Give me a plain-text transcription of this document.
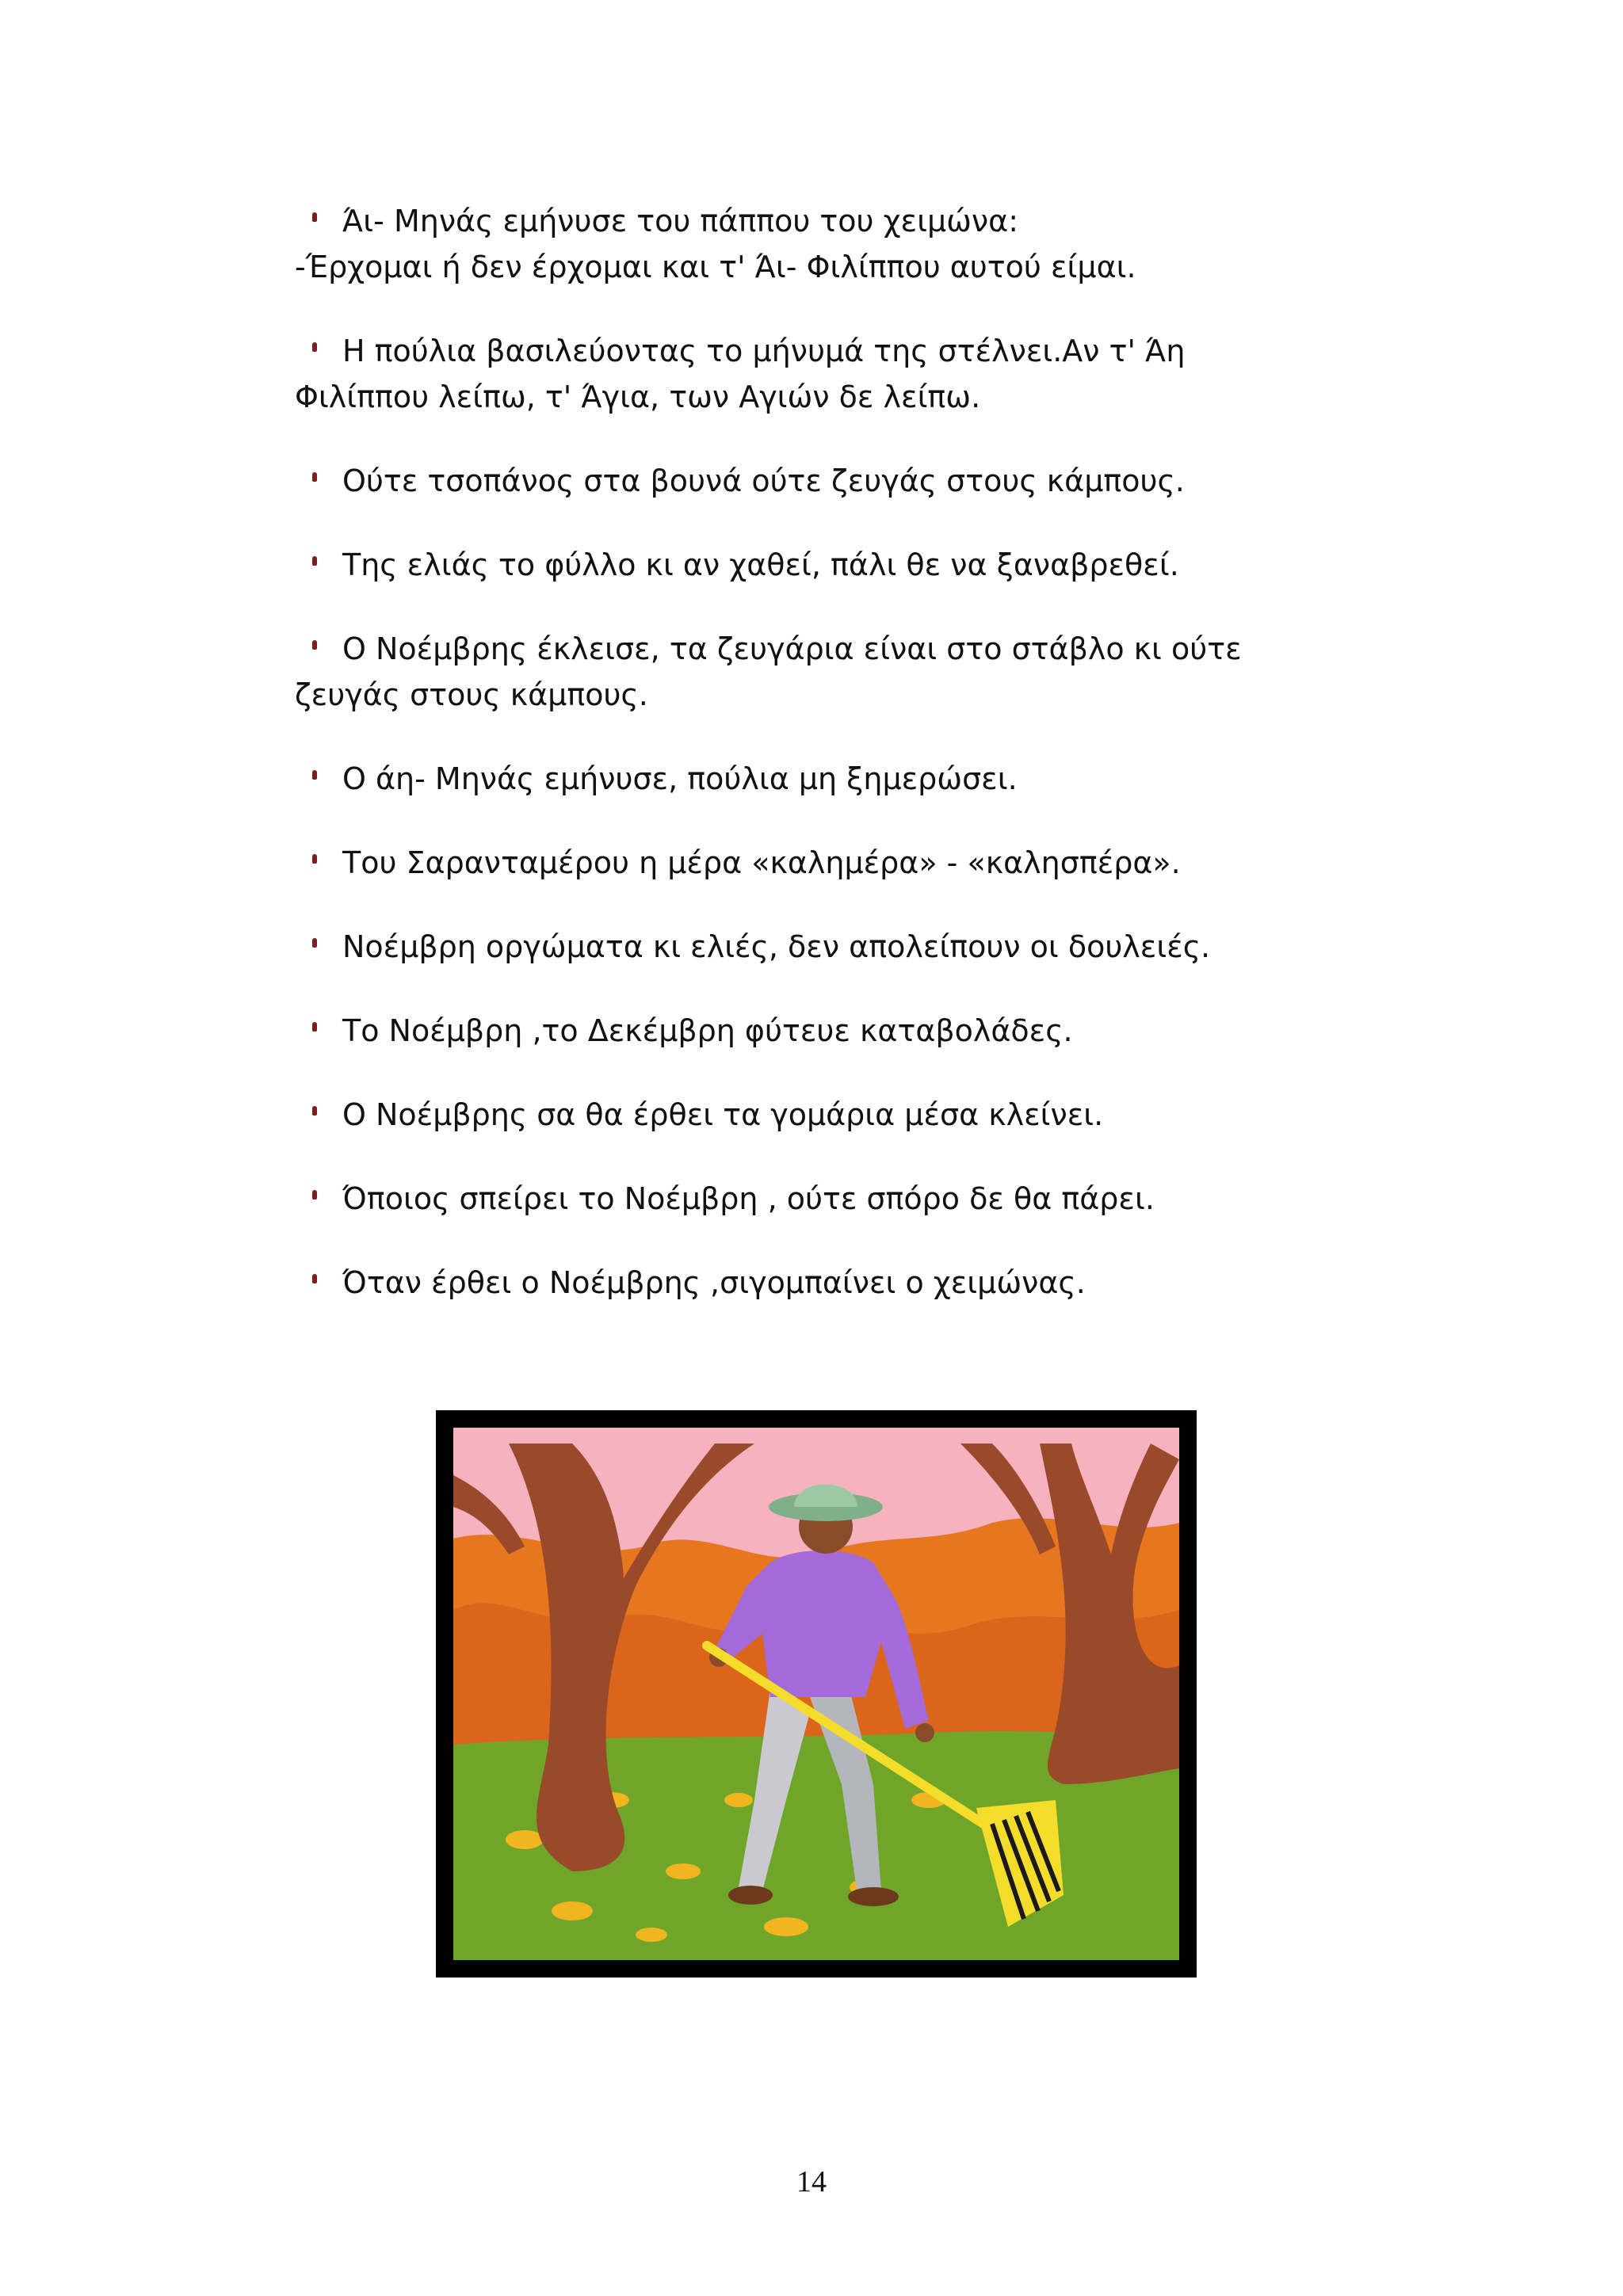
Άι- Μηνάς εμήνυσε του πάππου του χειμώνα:

-Έρχομαι ή δεν έρχομαι και τ' Άι- Φιλίππου αυτού είμαι.
Η πούλια βασιλεύοντας το μήνυμά της στέλνει.Αν τ' Άη Φιλίππου λείπω, τ' Άγια, των Αγιών δε λείπω.
Ούτε τσοπάνος στα βουνά ούτε ζευγάς στους κάμπους.
Της ελιάς το φύλλο κι αν χαθεί, πάλι θε να ξαναβρεθεί.
Ο Νοέμβρης έκλεισε, τα ζευγάρια είναι στο στάβλο κι ούτε ζευγάς στους κάμπους.
Ο άη- Μηνάς εμήνυσε, πούλια μη ξημερώσει.
Του Σαρανταμέρου η μέρα «καλημέρα» - «καλησπέρα».
Νοέμβρη οργώματα κι ελιές, δεν απολείπουν οι δουλειές.
Το Νοέμβρη ,το Δεκέμβρη φύτευε καταβολάδες.
Ο Νοέμβρης σα θα έρθει τα γομάρια μέσα κλείνει.
Όποιος σπείρει το Νοέμβρη , ούτε σπόρο δε θα πάρει.
Όταν έρθει ο Νοέμβρης ,σιγομπαίνει ο χειμώνας.
14
